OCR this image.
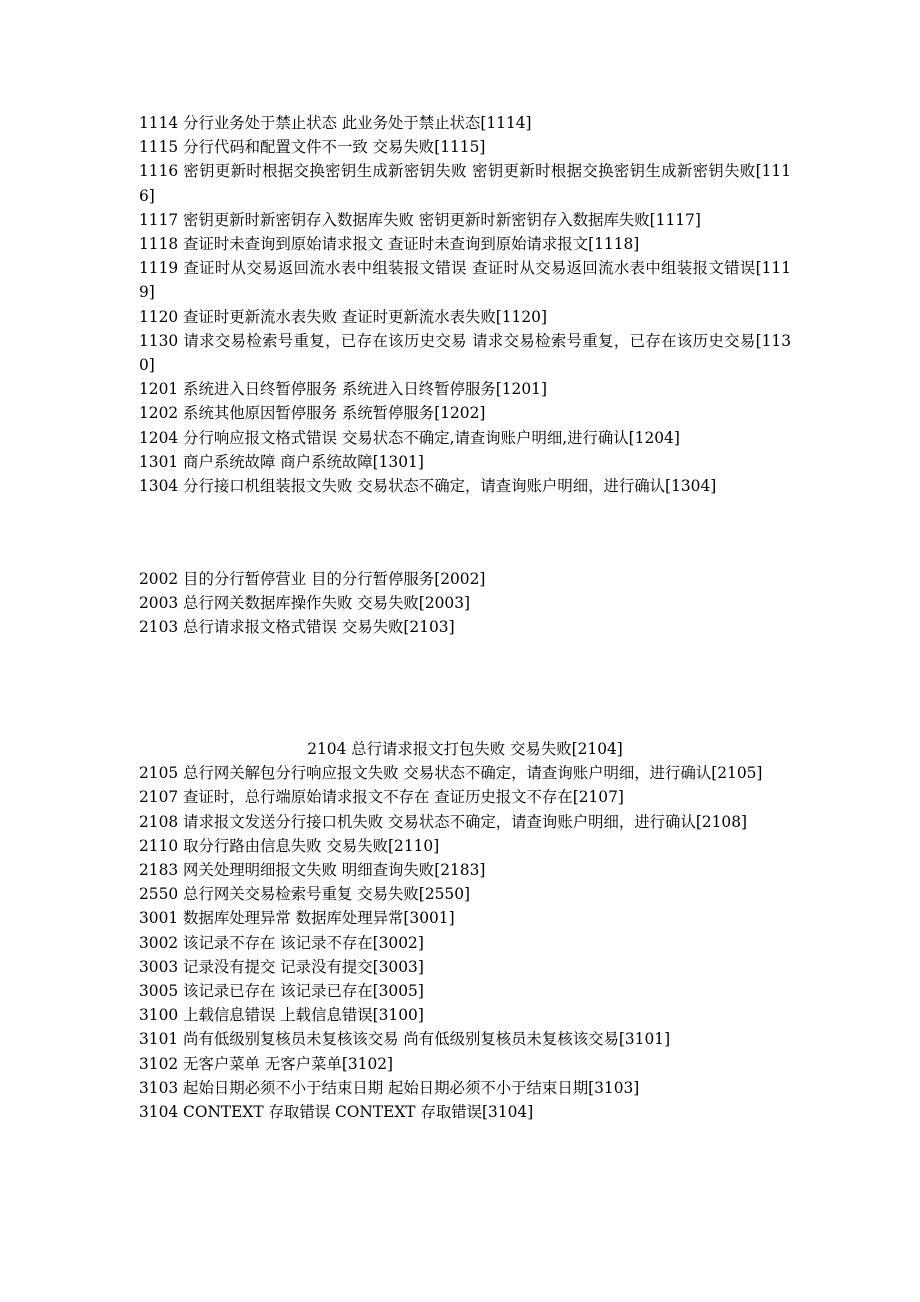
1114 分行业务处于禁止状态 此业务处于禁止状态[1114]
1115 分行代码和配置文件不一致 交易失败[1115]
1116 密钥更新时根据交换密钥生成新密钥失败 密钥更新时根据交换密钥生成新密钥失败[1116]
1117 密钥更新时新密钥存入数据库失败 密钥更新时新密钥存入数据库失败[1117]
1118 查证时未查询到原始请求报文 查证时未查询到原始请求报文[1118]
1119 查证时从交易返回流水表中组装报文错误 查证时从交易返回流水表中组装报文错误[1119]
1120 查证时更新流水表失败 查证时更新流水表失败[1120]
1130 请求交易检索号重复，已存在该历史交易 请求交易检索号重复，已存在该历史交易[1130]
1201 系统进入日终暂停服务 系统进入日终暂停服务[1201]
1202 系统其他原因暂停服务 系统暂停服务[1202]
1204 分行响应报文格式错误 交易状态不确定,请查询账户明细,进行确认[1204]
1301 商户系统故障 商户系统故障[1301]
1304 分行接口机组装报文失败 交易状态不确定，请查询账户明细，进行确认[1304]
2002 目的分行暂停营业 目的分行暂停服务[2002]
2003 总行网关数据库操作失败 交易失败[2003]
2103 总行请求报文格式错误 交易失败[2103]
2104 总行请求报文打包失败 交易失败[2104]
2105 总行网关解包分行响应报文失败 交易状态不确定，请查询账户明细，进行确认[2105]
2107 查证时，总行端原始请求报文不存在 查证历史报文不存在[2107]
2108 请求报文发送分行接口机失败 交易状态不确定，请查询账户明细，进行确认[2108]
2110 取分行路由信息失败 交易失败[2110]
2183 网关处理明细报文失败 明细查询失败[2183]
2550 总行网关交易检索号重复 交易失败[2550]
3001 数据库处理异常 数据库处理异常[3001]
3002 该记录不存在 该记录不存在[3002]
3003 记录没有提交 记录没有提交[3003]
3005 该记录已存在 该记录已存在[3005]
3100 上载信息错误 上载信息错误[3100]
3101 尚有低级别复核员未复核该交易 尚有低级别复核员未复核该交易[3101]
3102 无客户菜单 无客户菜单[3102]
3103 起始日期必须不小于结束日期 起始日期必须不小于结束日期[3103]
3104 CONTEXT 存取错误 CONTEXT 存取错误[3104]
